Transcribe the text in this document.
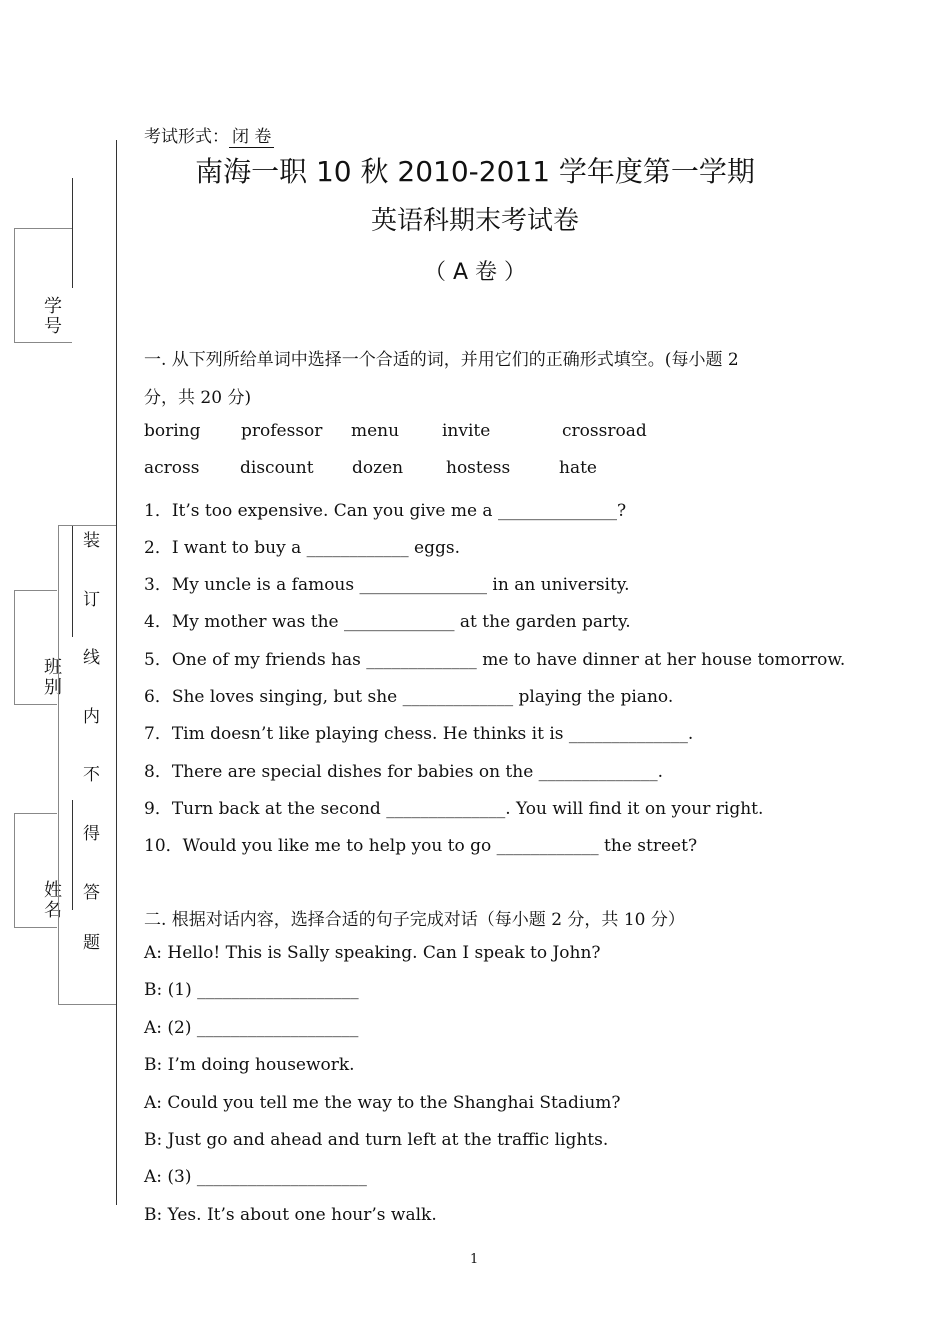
学号
班别
姓名
装
订
线
内
不
得
答
题
考试形式： 闭 卷
南海一职 10 秋 2010-2011 学年度第一学期
英语科期末考试卷
（ A 卷 ）
一. 从下列所给单词中选择一个合适的词，并用它们的正确形式填空。(每小题 2
分，共 20 分)
boring professor menu	invite	crossroad
across discount dozen	hostess	hate
1．It’s too expensive. Can you give me a ______________?
2．I want to buy a ____________ eggs.
3．My uncle is a famous _______________ in an university.
4．My mother was the _____________ at the garden party.
5．One of my friends has _____________ me to have dinner at her house tomorrow.
6．She loves singing, but she _____________ playing the piano.
7．Tim doesn’t like playing chess. He thinks it is ______________.
8．There are special dishes for babies on the ______________.
9．Turn back at the second ______________. You will find it on your right.
10．Would you like me to help you to go ____________ the street?
二. 根据对话内容，选择合适的句子完成对话（每小题 2 分，共 10 分）
A: Hello! This is Sally speaking. Can I speak to John?
B: (1) ___________________
A: (2) ___________________
B: I’m doing housework.
A: Could you tell me the way to the Shanghai Stadium?
B: Just go and ahead and turn left at the traffic lights.
A: (3) ____________________
B: Yes. It’s about one hour’s walk.
1
